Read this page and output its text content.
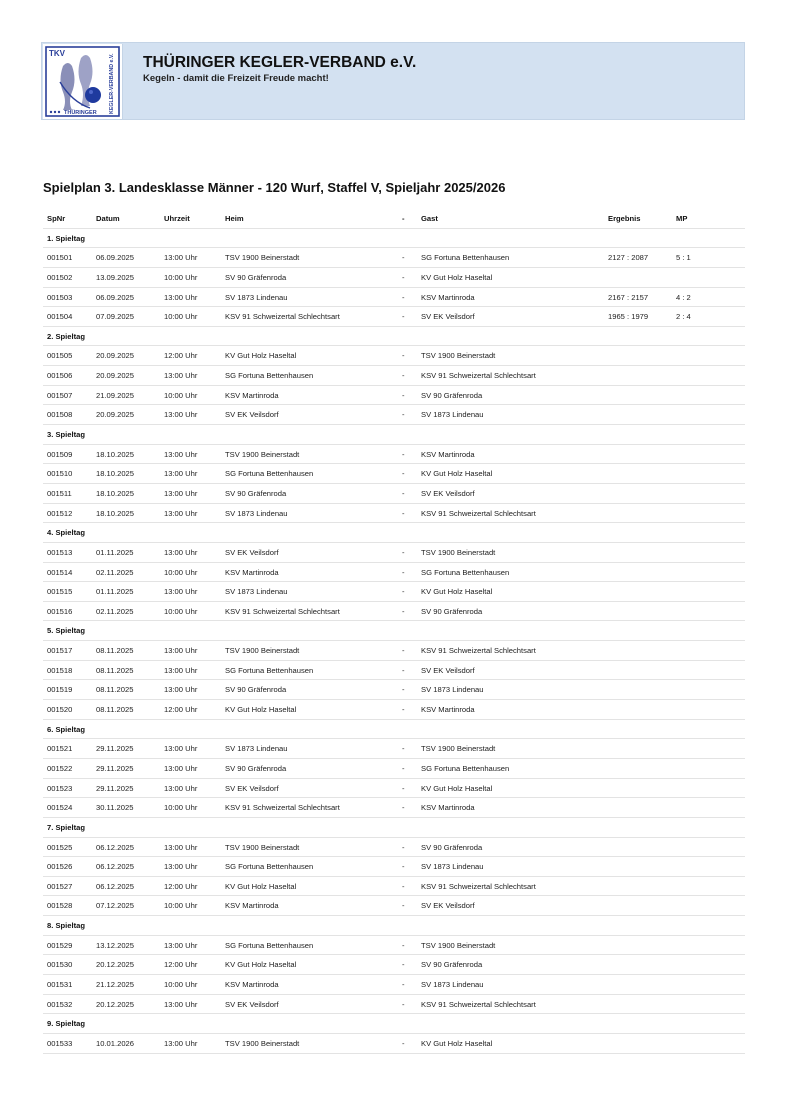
TKV
THÜRINGER KEGLER-VERBAND e.V. THÜRINGER KEGLER-VERBAND e.V.
Kegeln - damit die Freizeit Freude macht!
Spielplan 3. Landesklasse Männer - 120 Wurf, Staffel V, Spieljahr 2025/2026
SpNr	Datum	Uhrzeit	Heim	- Gast	Ergebnis	MP
1. Spieltag
001501	06.09.2025	13:00 Uhr	TSV 1900 Beinerstadt	- SG Fortuna Bettenhausen	2127 : 2087	5 : 1
001502	13.09.2025	10:00 Uhr	SV 90 Gräfenroda	- KV Gut Holz Haseltal
001503	06.09.2025	13:00 Uhr	SV 1873 Lindenau	- KSV Martinroda	2167 : 2157	4 : 2
001504	07.09.2025	10:00 Uhr	KSV 91 Schweizertal Schlechtsart	- SV EK Veilsdorf	1965 : 1979	2 : 4
2. Spieltag
001505	20.09.2025	12:00 Uhr	KV Gut Holz Haseltal	- TSV 1900 Beinerstadt
001506	20.09.2025	13:00 Uhr	SG Fortuna Bettenhausen	- KSV 91 Schweizertal Schlechtsart
001507	21.09.2025	10:00 Uhr	KSV Martinroda	- SV 90 Gräfenroda
001508	20.09.2025	13:00 Uhr	SV EK Veilsdorf	- SV 1873 Lindenau
3. Spieltag
001509	18.10.2025	13:00 Uhr	TSV 1900 Beinerstadt	- KSV Martinroda
001510	18.10.2025	13:00 Uhr	SG Fortuna Bettenhausen	- KV Gut Holz Haseltal
001511	18.10.2025	13:00 Uhr	SV 90 Gräfenroda	- SV EK Veilsdorf
001512	18.10.2025	13:00 Uhr	SV 1873 Lindenau	- KSV 91 Schweizertal Schlechtsart
4. Spieltag
001513	01.11.2025	13:00 Uhr	SV EK Veilsdorf	- TSV 1900 Beinerstadt
001514	02.11.2025	10:00 Uhr	KSV Martinroda	- SG Fortuna Bettenhausen
001515	01.11.2025	13:00 Uhr	SV 1873 Lindenau	- KV Gut Holz Haseltal
001516	02.11.2025	10:00 Uhr	KSV 91 Schweizertal Schlechtsart	- SV 90 Gräfenroda
5. Spieltag
001517	08.11.2025	13:00 Uhr	TSV 1900 Beinerstadt	- KSV 91 Schweizertal Schlechtsart
001518	08.11.2025	13:00 Uhr	SG Fortuna Bettenhausen	- SV EK Veilsdorf
001519	08.11.2025	13:00 Uhr	SV 90 Gräfenroda	- SV 1873 Lindenau
001520	08.11.2025	12:00 Uhr	KV Gut Holz Haseltal	- KSV Martinroda
6. Spieltag
001521	29.11.2025	13:00 Uhr	SV 1873 Lindenau	- TSV 1900 Beinerstadt
001522	29.11.2025	13:00 Uhr	SV 90 Gräfenroda	- SG Fortuna Bettenhausen
001523	29.11.2025	13:00 Uhr	SV EK Veilsdorf	- KV Gut Holz Haseltal
001524	30.11.2025	10:00 Uhr	KSV 91 Schweizertal Schlechtsart	- KSV Martinroda
7. Spieltag
001525	06.12.2025	13:00 Uhr	TSV 1900 Beinerstadt	- SV 90 Gräfenroda
001526	06.12.2025	13:00 Uhr	SG Fortuna Bettenhausen	- SV 1873 Lindenau
001527	06.12.2025	12:00 Uhr	KV Gut Holz Haseltal	- KSV 91 Schweizertal Schlechtsart
001528	07.12.2025	10:00 Uhr	KSV Martinroda	- SV EK Veilsdorf
8. Spieltag
001529	13.12.2025	13:00 Uhr	SG Fortuna Bettenhausen	- TSV 1900 Beinerstadt
001530	20.12.2025	12:00 Uhr	KV Gut Holz Haseltal	- SV 90 Gräfenroda
001531	21.12.2025	10:00 Uhr	KSV Martinroda	- SV 1873 Lindenau
001532	20.12.2025	13:00 Uhr	SV EK Veilsdorf	- KSV 91 Schweizertal Schlechtsart
9. Spieltag
001533	10.01.2026	13:00 Uhr	TSV 1900 Beinerstadt	- KV Gut Holz Haseltal
